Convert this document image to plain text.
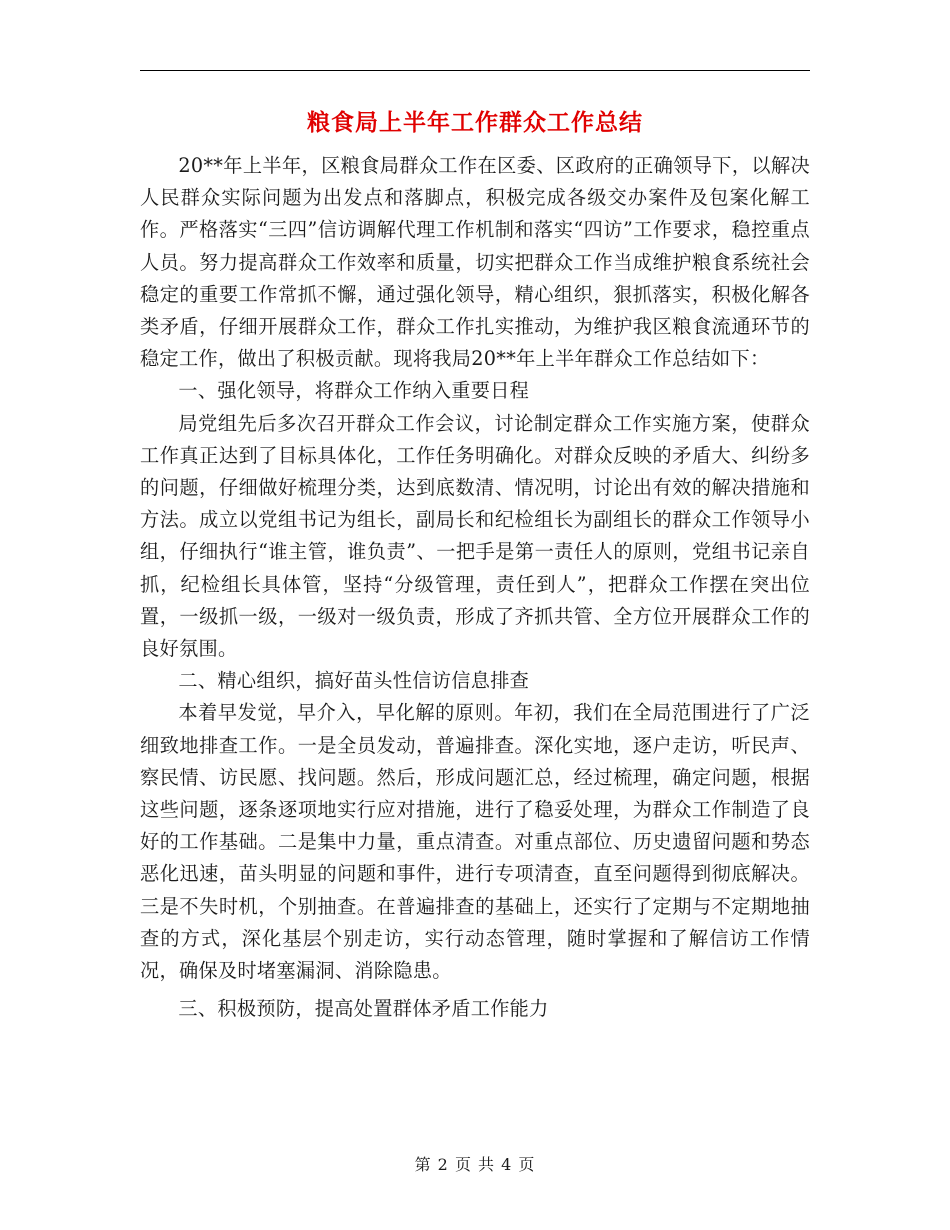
粮食局上半年工作群众工作总结

20**年上半年，区粮食局群众工作在区委、区政府的正确领导下，以解决人民群众实际问题为出发点和落脚点，积极完成各级交办案件及包案化解工作。严格落实“三四”信访调解代理工作机制和落实“四访”工作要求，稳控重点人员。努力提高群众工作效率和质量，切实把群众工作当成维护粮食系统社会稳定的重要工作常抓不懈，通过强化领导，精心组织，狠抓落实，积极化解各类矛盾，仔细开展群众工作，群众工作扎实推动，为维护我区粮食流通环节的稳定工作，做出了积极贡献。现将我局20**年上半年群众工作总结如下：

一、强化领导，将群众工作纳入重要日程

局党组先后多次召开群众工作会议，讨论制定群众工作实施方案，使群众工作真正达到了目标具体化，工作任务明确化。对群众反映的矛盾大、纠纷多的问题，仔细做好梳理分类，达到底数清、情况明，讨论出有效的解决措施和方法。成立以党组书记为组长，副局长和纪检组长为副组长的群众工作领导小组，仔细执行“谁主管，谁负责”、一把手是第一责任人的原则，党组书记亲自抓，纪检组长具体管，坚持“分级管理，责任到人”，把群众工作摆在突出位置，一级抓一级，一级对一级负责，形成了齐抓共管、全方位开展群众工作的良好氛围。

二、精心组织，搞好苗头性信访信息排查

本着早发觉，早介入，早化解的原则。年初，我们在全局范围进行了广泛细致地排查工作。一是全员发动，普遍排查。深化实地，逐户走访，听民声、察民情、访民愿、找问题。然后，形成问题汇总，经过梳理，确定问题，根据这些问题，逐条逐项地实行应对措施，进行了稳妥处理，为群众工作制造了良好的工作基础。二是集中力量，重点清查。对重点部位、历史遗留问题和势态恶化迅速，苗头明显的问题和事件，进行专项清查，直至问题得到彻底解决。三是不失时机，个别抽查。在普遍排查的基础上，还实行了定期与不定期地抽查的方式，深化基层个别走访，实行动态管理，随时掌握和了解信访工作情况，确保及时堵塞漏洞、消除隐患。

三、积极预防，提高处置群体矛盾工作能力

第 2 页 共 4 页
